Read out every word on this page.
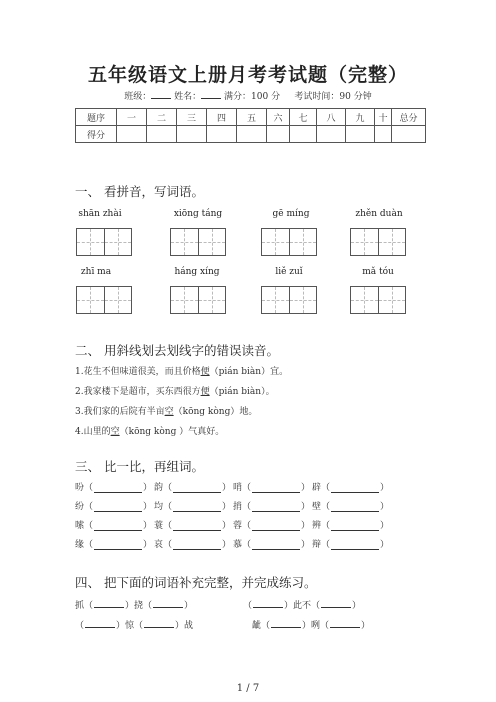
五年级语文上册月考考试题（完整）
班级：	姓名：	满分：100 分 考试时间：90 分钟
题序	一	二	三	四	五	六	七	八	九	十	总分
得分											
一、 看拼音，写词语。
shān zhài	xiōng táng	gē míng	zhěn duàn
zhī ma	háng xíng	liě zuǐ	mǎ tóu
二、 用斜线划去划线字的错误读音。
1.花生不但味道很美，而且价格便（pián biàn）宜。
2.我家楼下是超市，买东西很方便（pián biàn）。
3.我们家的后院有半亩空（kōng kòng）地。
4.山里的空（kōng kòng ）气真好。
三、 比一比，再组词。
吩 （	） 韵 （	） 哨 （	） 辟 （	）
纷 （	） 均 （	） 捎 （	） 壁 （	）
嗦 （	） 蓑 （	） 蓉 （	） 辨 （	）
缘 （	） 哀 （	） 慕 （	） 辩 （	）
四、 把下面的词语补充完整，并完成练习。
抓（	）挠（	）	（	）此不（	）
（	）惊（	）战	龇（	）咧（	）
1 / 7
